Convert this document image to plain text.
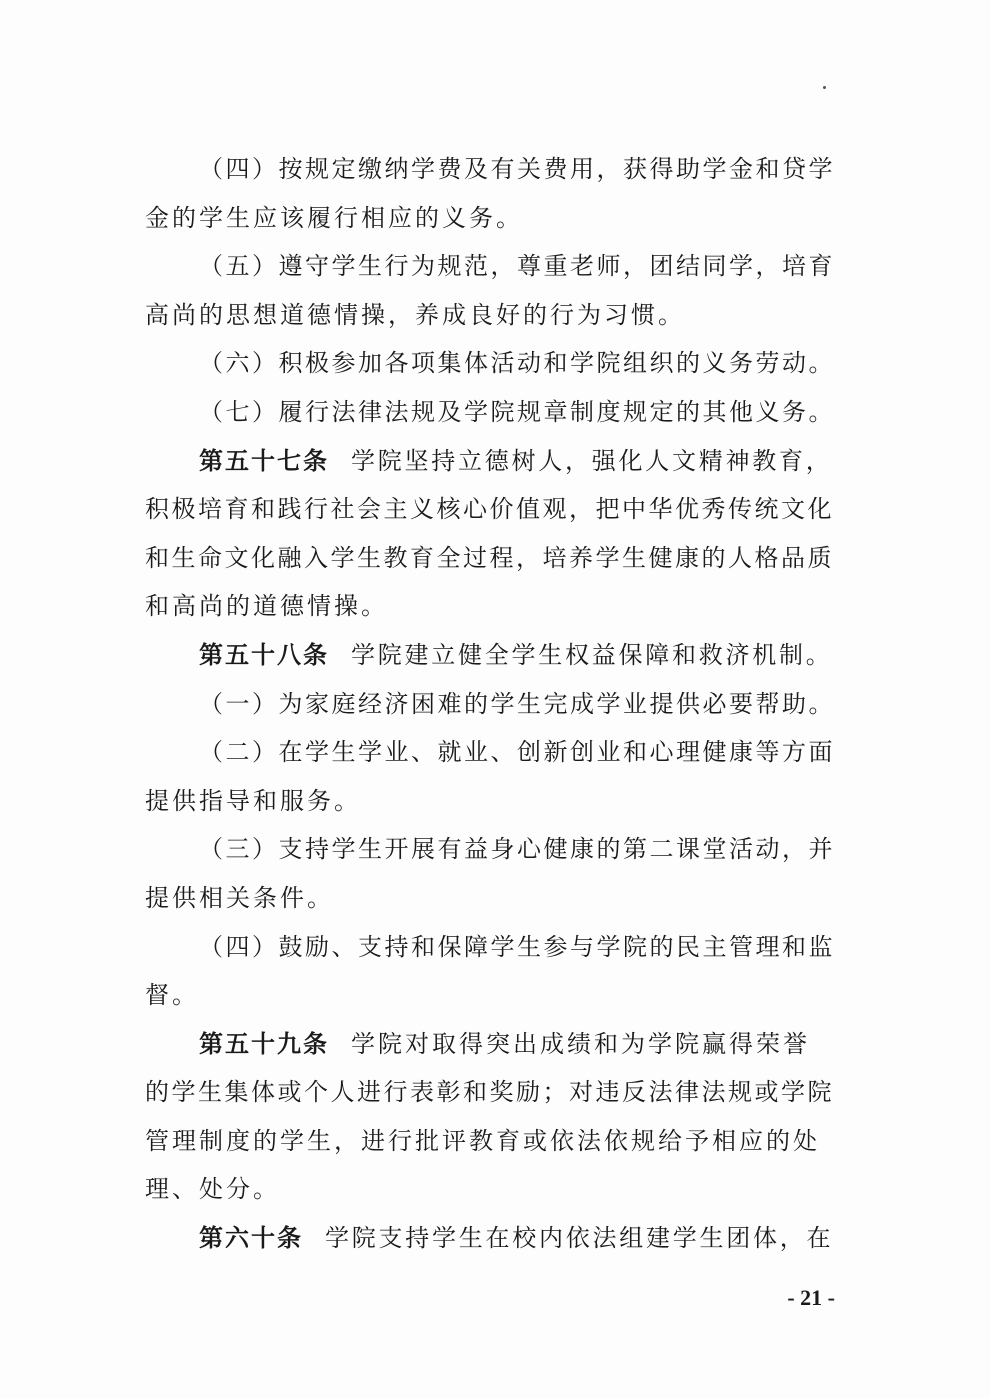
（四）按规定缴纳学费及有关费用，获得助学金和贷学
金的学生应该履行相应的义务。
（五）遵守学生行为规范，尊重老师，团结同学，培育
高尚的思想道德情操，养成良好的行为习惯。
（六）积极参加各项集体活动和学院组织的义务劳动。
（七）履行法律法规及学院规章制度规定的其他义务。
第五十七条 学院坚持立德树人，强化人文精神教育，
积极培育和践行社会主义核心价值观，把中华优秀传统文化
和生命文化融入学生教育全过程，培养学生健康的人格品质
和高尚的道德情操。
第五十八条 学院建立健全学生权益保障和救济机制。
（一）为家庭经济困难的学生完成学业提供必要帮助。
（二）在学生学业、就业、创新创业和心理健康等方面
提供指导和服务。
（三）支持学生开展有益身心健康的第二课堂活动，并
提供相关条件。
（四）鼓励、支持和保障学生参与学院的民主管理和监
督。
第五十九条 学院对取得突出成绩和为学院赢得荣誉
的学生集体或个人进行表彰和奖励；对违反法律法规或学院
管理制度的学生，进行批评教育或依法依规给予相应的处
理、处分。
第六十条 学院支持学生在校内依法组建学生团体，在
- 21 -
